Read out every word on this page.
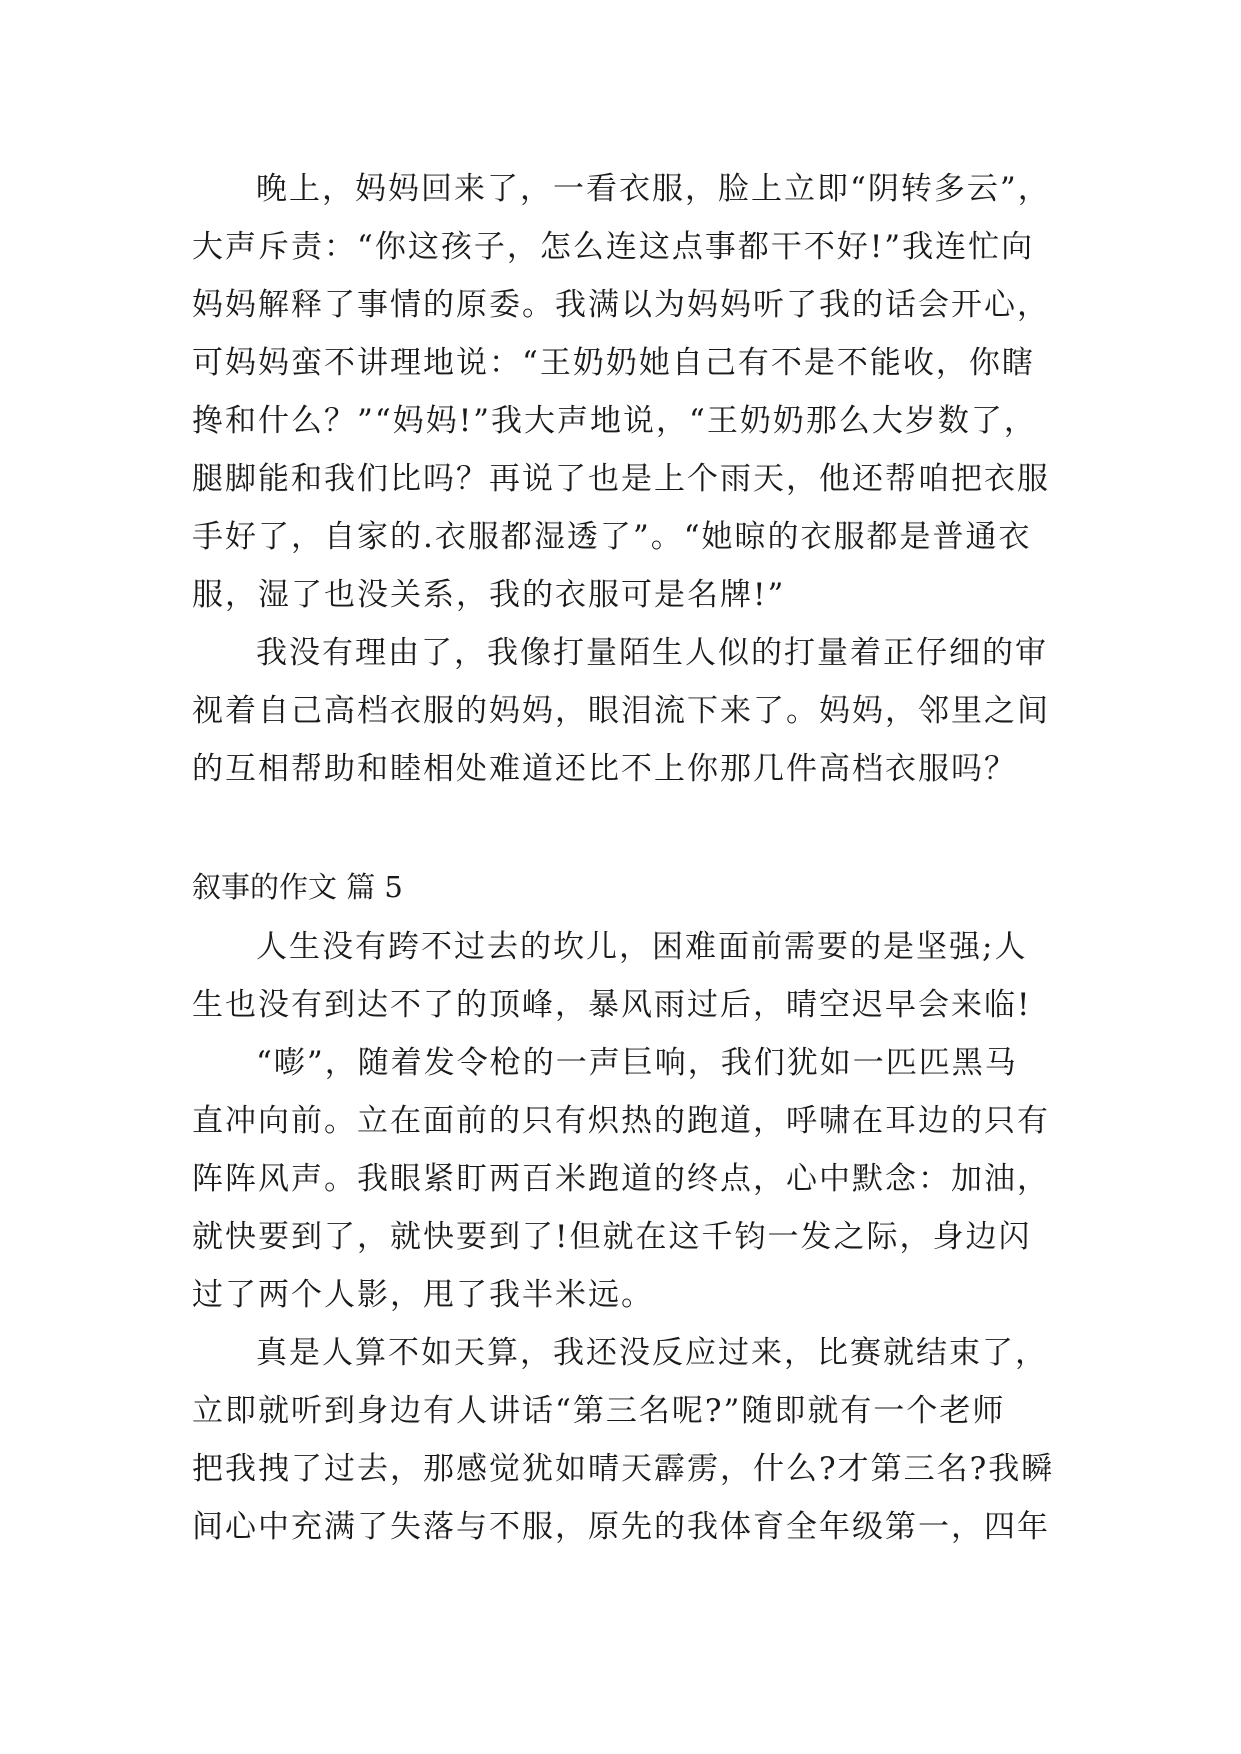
晚上，妈妈回来了，一看衣服，脸上立即“阴转多云”，
大声斥责：“你这孩子，怎么连这点事都干不好!”我连忙向
妈妈解释了事情的原委。我满以为妈妈听了我的话会开心，
可妈妈蛮不讲理地说：“王奶奶她自己有不是不能收，你瞎
搀和什么？”“妈妈!”我大声地说，“王奶奶那么大岁数了，
腿脚能和我们比吗？再说了也是上个雨天，他还帮咱把衣服
手好了，自家的.衣服都湿透了”。“她晾的衣服都是普通衣
服，湿了也没关系，我的衣服可是名牌!”
我没有理由了，我像打量陌生人似的打量着正仔细的审
视着自己高档衣服的妈妈，眼泪流下来了。妈妈，邻里之间
的互相帮助和睦相处难道还比不上你那几件高档衣服吗？
叙事的作文 篇 5
人生没有跨不过去的坎儿，困难面前需要的是坚强;人
生也没有到达不了的顶峰，暴风雨过后，晴空迟早会来临!
“嘭”，随着发令枪的一声巨响，我们犹如一匹匹黑马
直冲向前。立在面前的只有炽热的跑道，呼啸在耳边的只有
阵阵风声。我眼紧盯两百米跑道的终点，心中默念：加油，
就快要到了，就快要到了!但就在这千钧一发之际，身边闪
过了两个人影，甩了我半米远。
真是人算不如天算，我还没反应过来，比赛就结束了，
立即就听到身边有人讲话“第三名呢?”随即就有一个老师
把我拽了过去，那感觉犹如晴天霹雳，什么?才第三名?我瞬
间心中充满了失落与不服，原先的我体育全年级第一，四年
